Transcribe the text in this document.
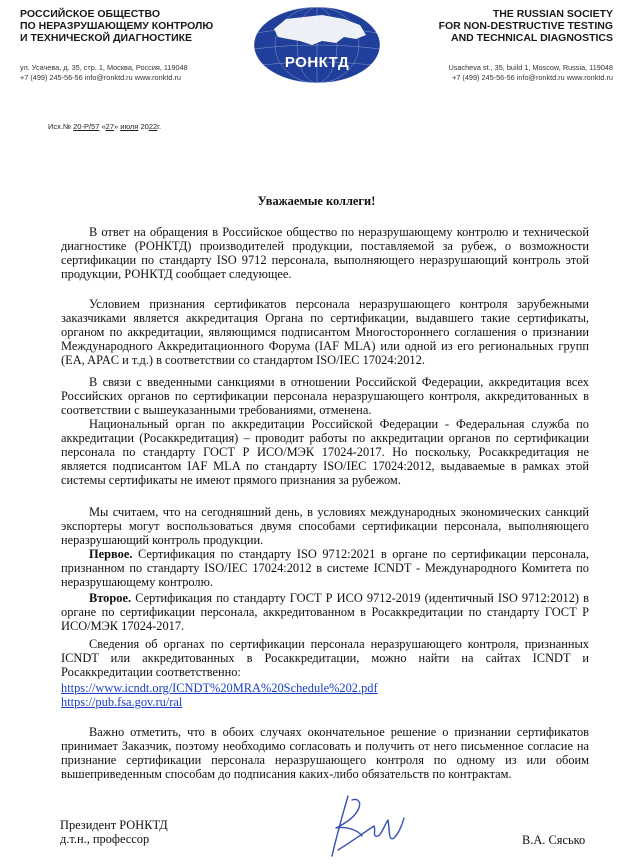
РОССИЙСКОЕ ОБЩЕСТВО
ПО НЕРАЗРУШАЮЩЕМУ КОНТРОЛЮ
И ТЕХНИЧЕСКОЙ ДИАГНОСТИКЕ
ул. Усачева, д. 35, стр. 1, Москва, Россия, 119048
+7 (499) 245-56-56 info@ronktd.ru www.ronktd.ru
РОНКТД
THE RUSSIAN SOCIETY
FOR NON-DESTRUCTIVE TESTING
AND TECHNICAL DIAGNOSTICS
Usacheva st., 35, build 1, Moscow, Russia, 119048
+7 (499) 245-56-56 info@ronktd.ru www.ronktd.ru
Исх.№ 20-Р/57 «27» июля 2022г.
Уважаемые коллеги!

В ответ на обращения в Российское общество по неразрушающему контролю и технической диагностике (РОНКТД) производителей продукции, поставляемой за рубеж, о возможности сертификации по стандарту ISO 9712 персонала, выполняющего неразрушающий контроль этой продукции, РОНКТД сообщает следующее.

Условием признания сертификатов персонала неразрушающего контроля зарубежными заказчиками является аккредитация Органа по сертификации, выдавшего такие сертификаты, органом по аккредитации, являющимся подписантом Многостороннего соглашения о признании Международного Аккредитационного Форума (IAF MLA) или одной из его региональных групп (EA, APAC и т.д.) в соответствии со стандартом ISO/IEC 17024:2012.

В связи с введенными санкциями в отношении Российской Федерации, аккредитация всех Российских органов по сертификации персонала неразрушающего контроля, аккредитованных в соответствии с вышеуказанными требованиями, отменена.

Национальный орган по аккредитации Российской Федерации - Федеральная служба по аккредитации (Росаккредитация) – проводит работы по аккредитации органов по сертификации персонала по стандарту ГОСТ Р ИСО/МЭК 17024-2017. Но поскольку, Росаккредитация не является подписантом IAF MLA по стандарту ISO/IEC 17024:2012, выдаваемые в рамках этой системы сертификаты не имеют прямого признания за рубежом.

Мы считаем, что на сегодняшний день, в условиях международных экономических санкций экспортеры могут воспользоваться двумя способами сертификации персонала, выполняющего неразрушающий контроль продукции.

Первое. Сертификация по стандарту ISO 9712:2021 в органе по сертификации персонала, признанном по стандарту ISO/IEC 17024:2012 в системе ICNDT - Международного Комитета по неразрушающему контролю.

Второе. Сертификация по стандарту ГОСТ Р ИСО 9712-2019 (идентичный ISO 9712:2012) в органе по сертификации персонала, аккредитованном в Росаккредитации по стандарту ГОСТ Р ИСО/МЭК 17024-2017.

Сведения об органах по сертификации персонала неразрушающего контроля, признанных ICNDT или аккредитованных в Росаккредитации, можно найти на сайтах ICNDT и Росаккредитации соответственно:

https://www.icndt.org/ICNDT%20MRA%20Schedule%202.pdf
https://pub.fsa.gov.ru/ral

Важно отметить, что в обоих случаях окончательное решение о признании сертификатов принимает Заказчик, поэтому необходимо согласовать и получить от него письменное согласие на признание сертификации персонала неразрушающего контроля по одному из или обоим вышеприведенным способам до подписания каких-либо обязательств по контрактам.

Президент РОНКТД
д.т.н., профессор	В.А. Сясько
